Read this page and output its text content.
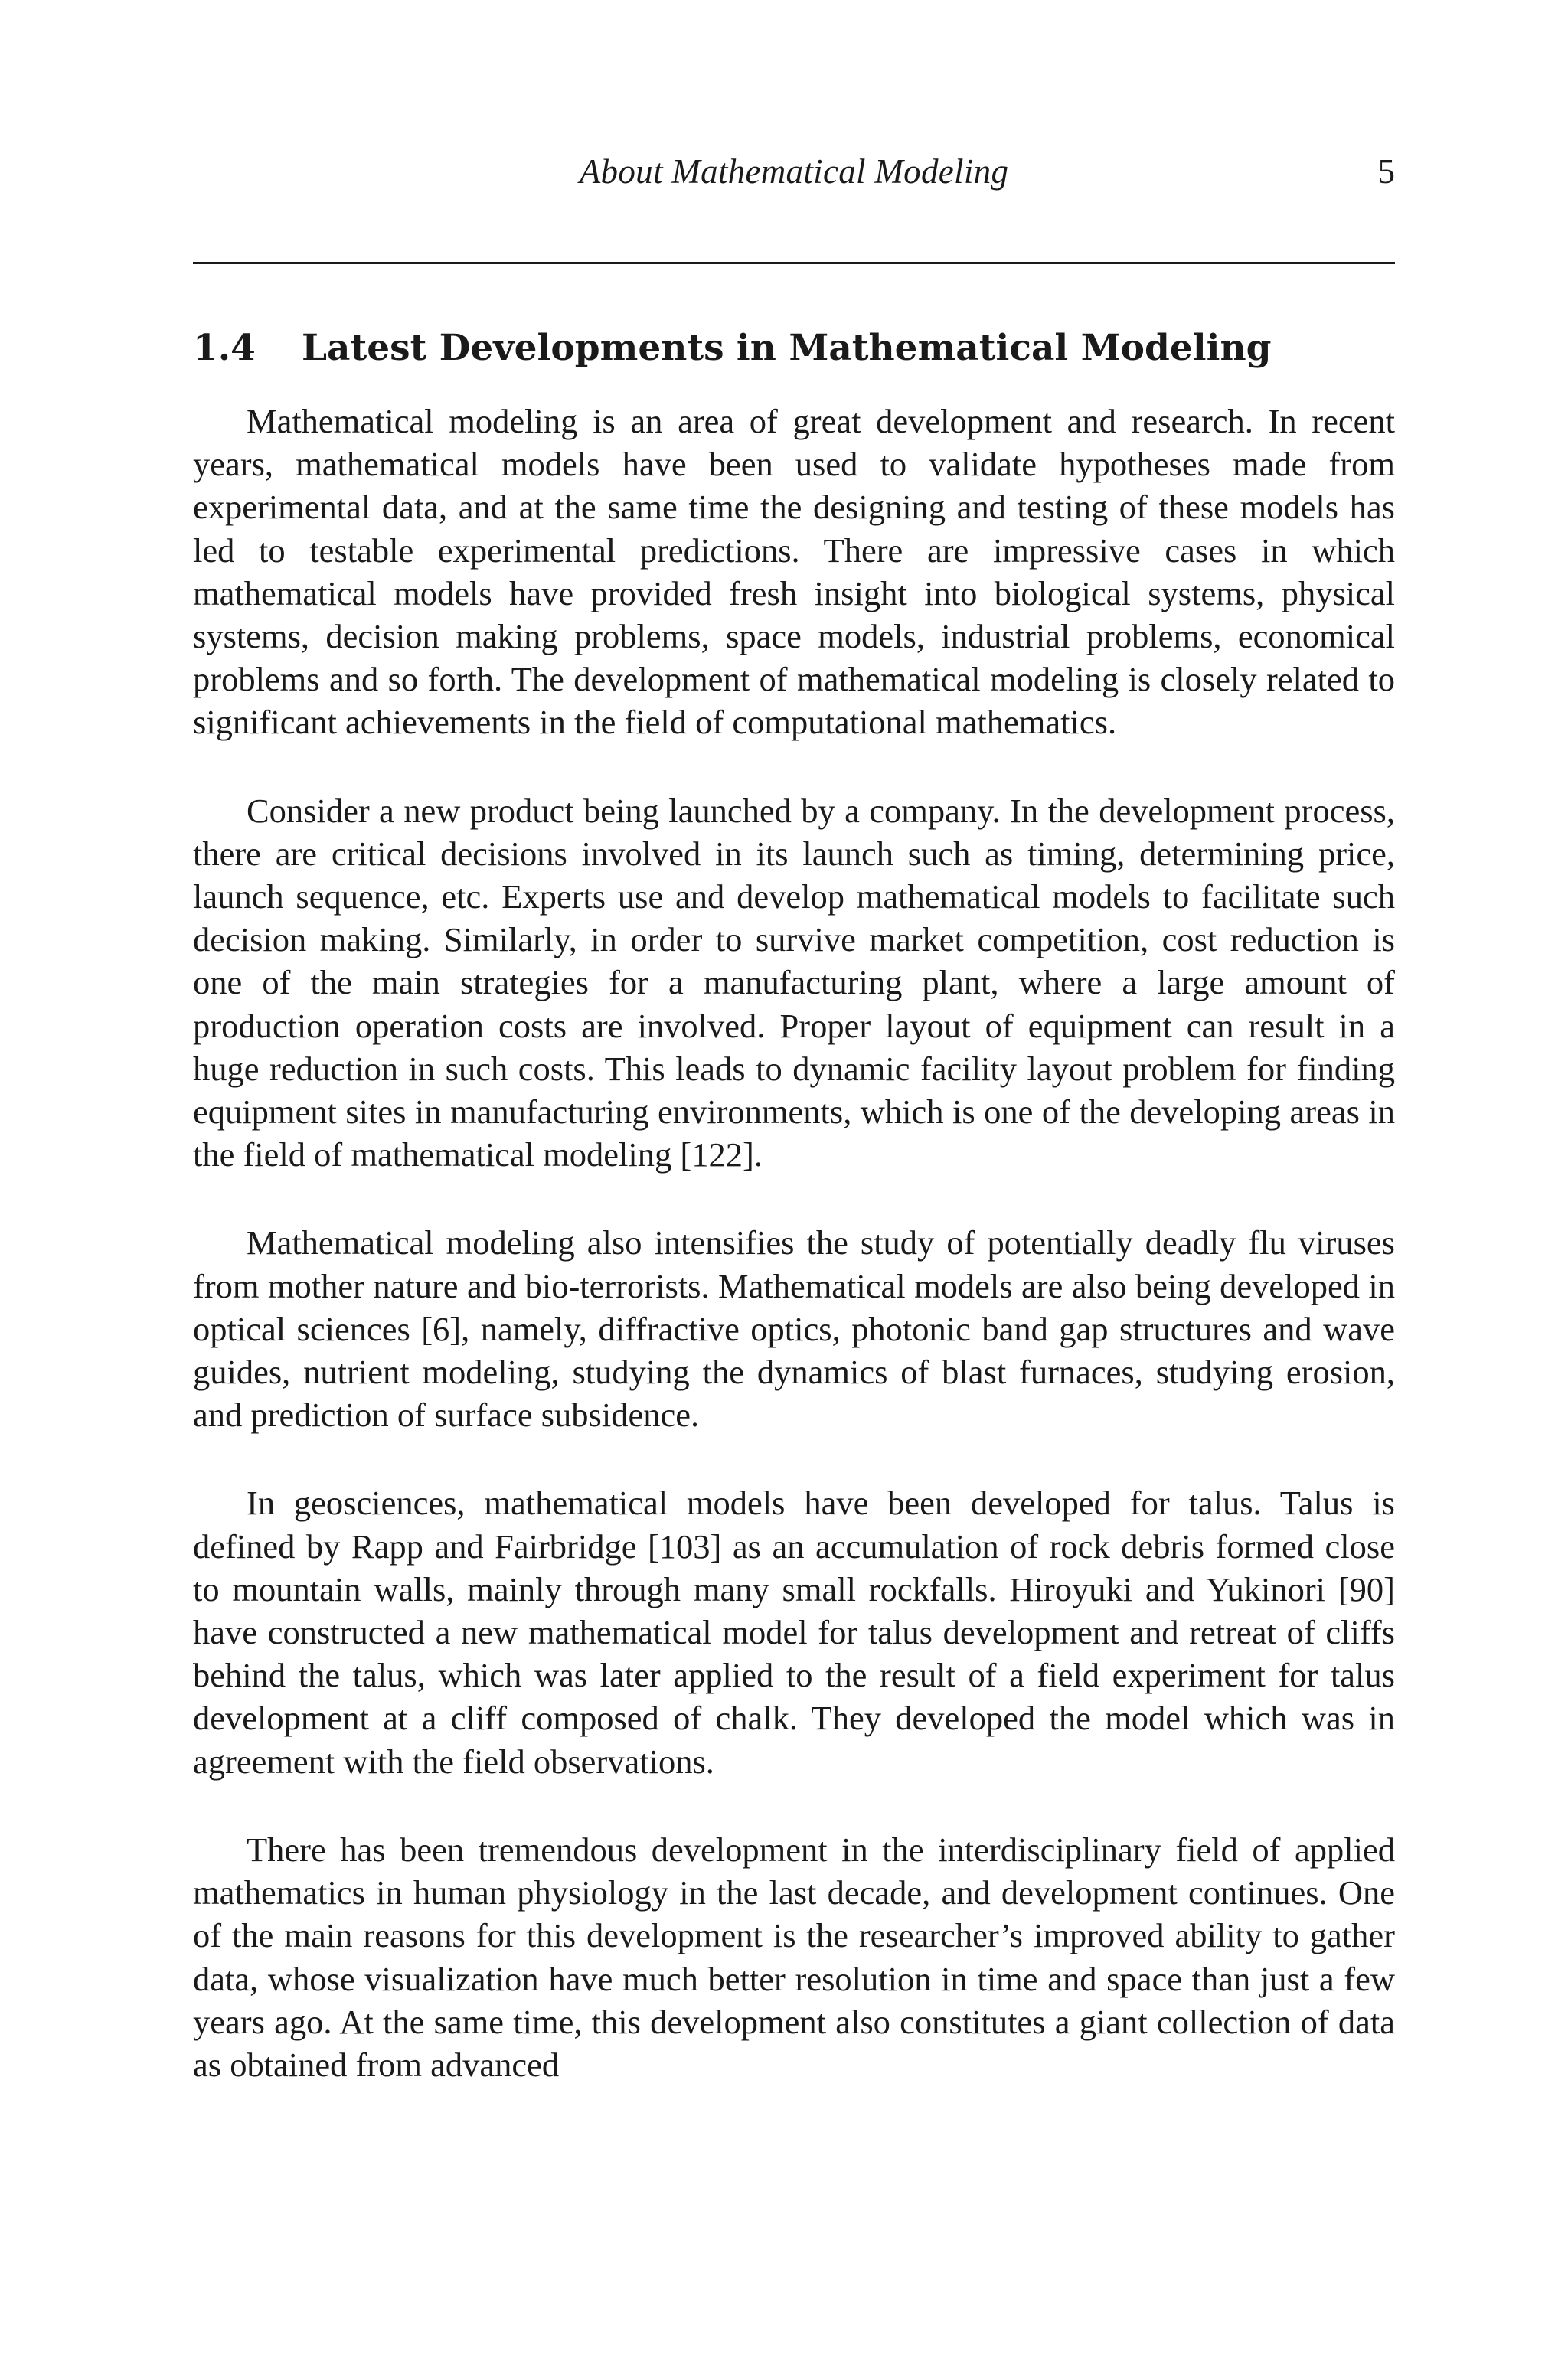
About Mathematical Modeling	5
1.4 Latest Developments in Mathematical Modeling

Mathematical modeling is an area of great development and research. In recent years, mathematical models have been used to validate hypotheses made from experimental data, and at the same time the designing and testing of these models has led to testable experimental predictions. There are impressive cases in which mathematical models have provided fresh insight into biological systems, physical systems, decision making problems, space models, industrial problems, economical problems and so forth. The development of mathematical modeling is closely related to significant achievements in the field of computational mathematics.

Consider a new product being launched by a company. In the development process, there are critical decisions involved in its launch such as timing, determining price, launch sequence, etc. Experts use and develop mathematical models to facilitate such decision making. Similarly, in order to survive market competition, cost reduction is one of the main strategies for a manufacturing plant, where a large amount of production operation costs are involved. Proper layout of equipment can result in a huge reduction in such costs. This leads to dynamic facility layout problem for finding equipment sites in manufacturing environments, which is one of the developing areas in the field of mathematical modeling [122].

Mathematical modeling also intensifies the study of potentially deadly flu viruses from mother nature and bio-terrorists. Mathematical models are also being developed in optical sciences [6], namely, diffractive optics, photonic band gap structures and wave guides, nutrient modeling, studying the dynamics of blast furnaces, studying erosion, and prediction of surface subsidence.

In geosciences, mathematical models have been developed for talus. Talus is defined by Rapp and Fairbridge [103] as an accumulation of rock debris formed close to mountain walls, mainly through many small rockfalls. Hiroyuki and Yukinori [90] have constructed a new mathematical model for talus development and retreat of cliffs behind the talus, which was later applied to the result of a field experiment for talus development at a cliff composed of chalk. They developed the model which was in agreement with the field observations.

There has been tremendous development in the interdisciplinary field of applied mathematics in human physiology in the last decade, and development continues. One of the main reasons for this development is the researcher’s improved ability to gather data, whose visualization have much better resolution in time and space than just a few years ago. At the same time, this development also constitutes a giant collection of data as obtained from advanced
